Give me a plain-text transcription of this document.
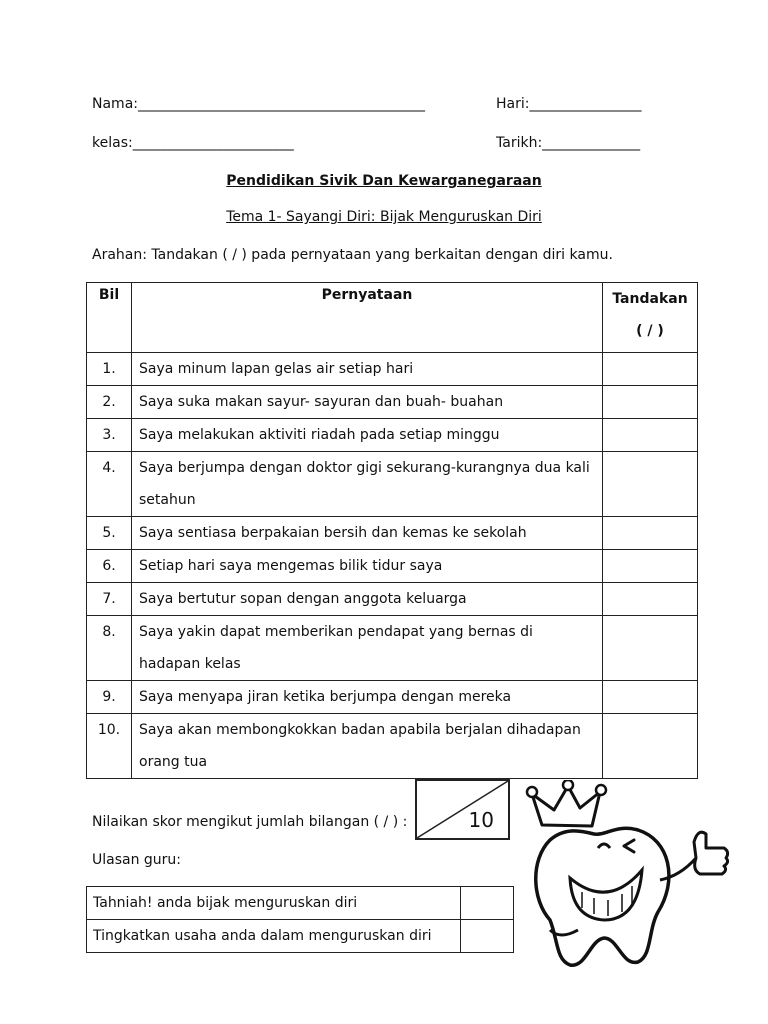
Nama:_________________________________________	Hari:________________
kelas:_______________________	Tarikh:______________
Pendidikan Sivik Dan Kewarganegaraan
Tema 1- Sayangi Diri: Bijak Menguruskan Diri
Arahan: Tandakan ( / ) pada pernyataan yang berkaitan dengan diri kamu.
Bil	Pernyataan	Tandakan
( / )

1.	Saya minum lapan gelas air setiap hari	
2.	Saya suka makan sayur- sayuran dan buah- buahan	
3.	Saya melakukan aktiviti riadah pada setiap minggu	
4.	Saya berjumpa dengan doktor gigi sekurang-kurangnya dua kali setahun	
5.	Saya sentiasa berpakaian bersih dan kemas ke sekolah	
6.	Setiap hari saya mengemas bilik tidur saya	
7.	Saya bertutur sopan dengan anggota keluarga	
8.	Saya yakin dapat memberikan pendapat yang bernas di hadapan kelas	
9.	Saya menyapa jiran ketika berjumpa dengan mereka	
10.	Saya akan membongkokkan badan apabila berjalan dihadapan orang tua	
Nilaikan skor mengikut jumlah bilangan ( / ) :	10
Ulasan guru:
Tahniah! anda bijak menguruskan diri	
Tingkatkan usaha anda dalam menguruskan diri	
